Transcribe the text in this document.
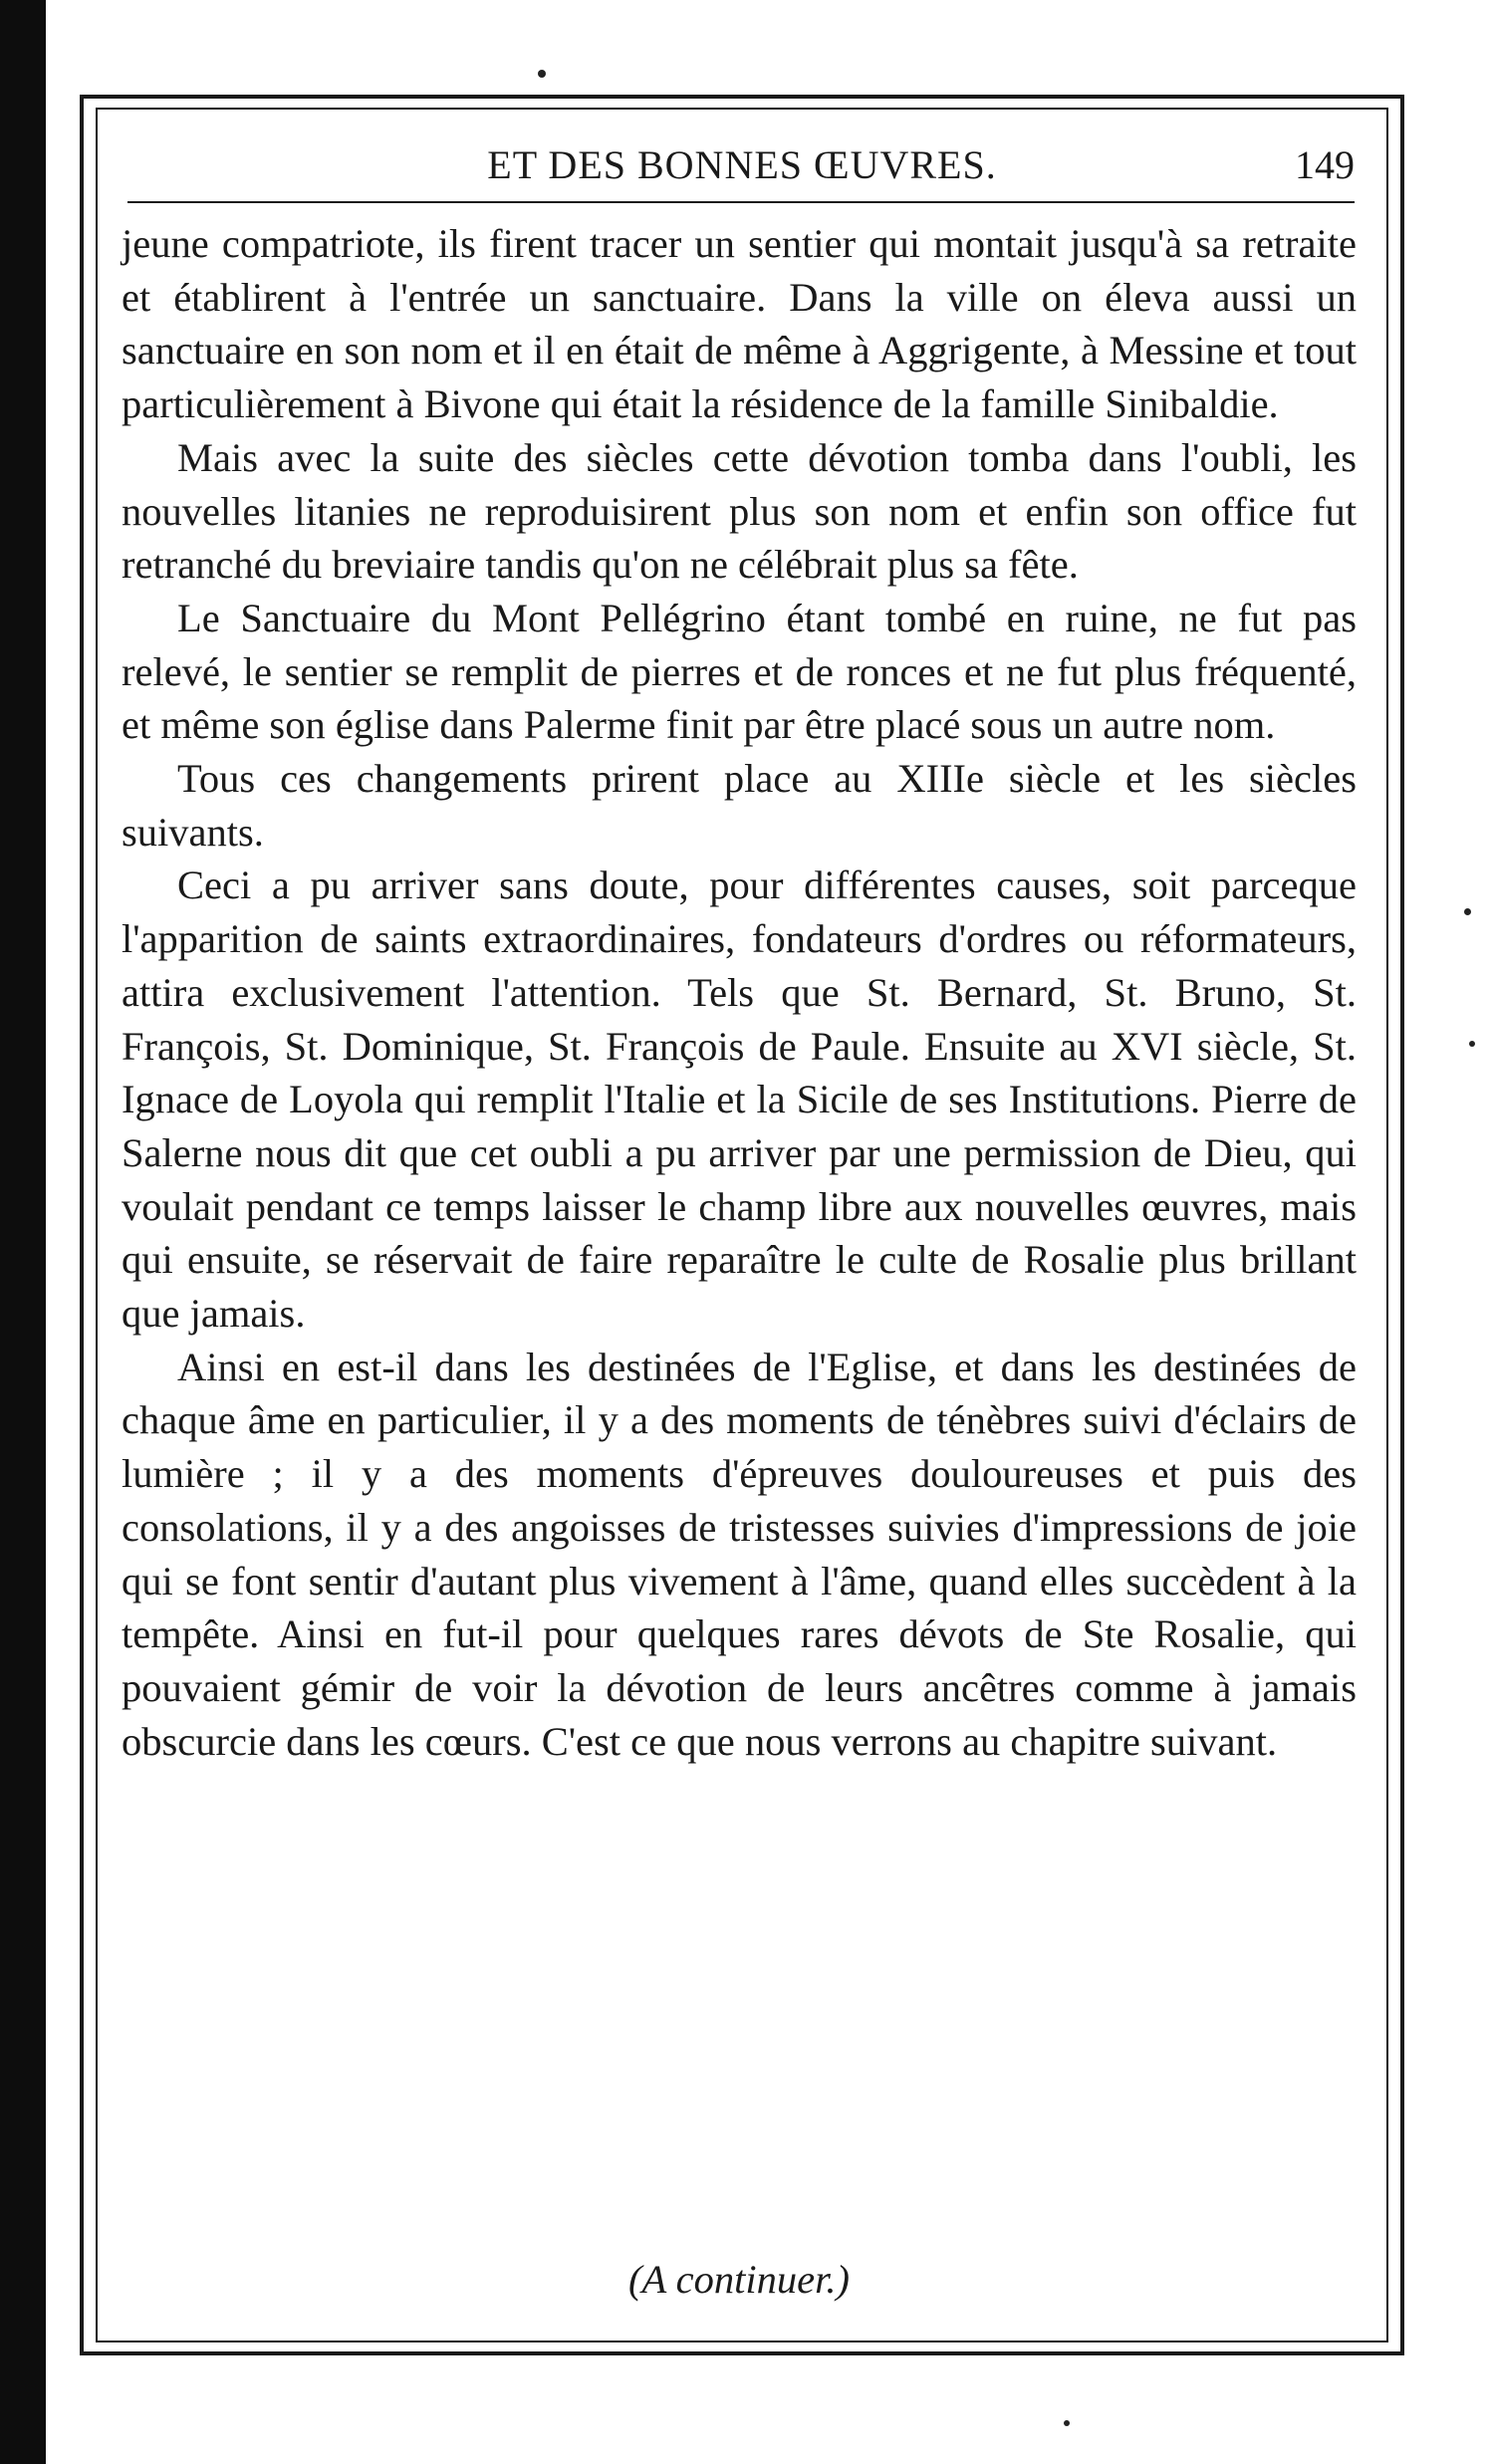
ET DES BONNES ŒUVRES.	149

jeune compatriote, ils firent tracer un sentier qui montait jusqu'à sa retraite et établirent à l'entrée un sanctuaire. Dans la ville on éleva aussi un sanctuaire en son nom et il en était de même à Aggrigente, à Messine et tout particulièrement à Bivone qui était la résidence de la famille Sinibaldie.

Mais avec la suite des siècles cette dévotion tomba dans l'oubli, les nouvelles litanies ne reproduisirent plus son nom et enfin son office fut retranché du breviaire tandis qu'on ne célébrait plus sa fête.

Le Sanctuaire du Mont Pellégrino étant tombé en ruine, ne fut pas relevé, le sentier se remplit de pierres et de ronces et ne fut plus fréquenté, et même son église dans Palerme finit par être placé sous un autre nom.

Tous ces changements prirent place au XIIIe siècle et les siècles suivants.

Ceci a pu arriver sans doute, pour différentes causes, soit parceque l'apparition de saints extraordinaires, fondateurs d'ordres ou réformateurs, attira exclusivement l'attention. Tels que St. Bernard, St. Bruno, St. François, St. Dominique, St. François de Paule. Ensuite au XVI siècle, St. Ignace de Loyola qui remplit l'Italie et la Sicile de ses Institutions. Pierre de Salerne nous dit que cet oubli a pu arriver par une permission de Dieu, qui voulait pendant ce temps laisser le champ libre aux nouvelles œuvres, mais qui ensuite, se réservait de faire reparaître le culte de Rosalie plus brillant que jamais.

Ainsi en est-il dans les destinées de l'Eglise, et dans les destinées de chaque âme en particulier, il y a des moments de ténèbres suivi d'éclairs de lumière ; il y a des moments d'épreuves douloureuses et puis des consolations, il y a des angoisses de tristesses suivies d'impressions de joie qui se font sentir d'autant plus vivement à l'âme, quand elles succèdent à la tempête. Ainsi en fut-il pour quelques rares dévots de Ste Rosalie, qui pouvaient gémir de voir la dévotion de leurs ancêtres comme à jamais obscurcie dans les cœurs. C'est ce que nous verrons au chapitre suivant.

(A continuer.)
